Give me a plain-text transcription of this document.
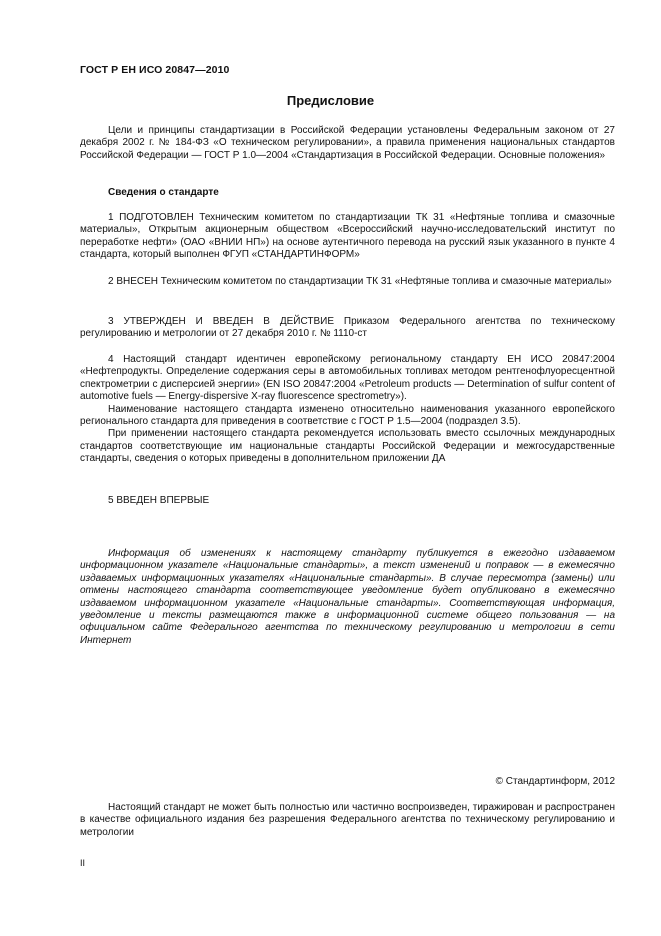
ГОСТ Р ЕН ИСО 20847—2010
Предисловие

Цели и принципы стандартизации в Российской Федерации установлены Федеральным законом от 27 декабря 2002 г. № 184-ФЗ «О техническом регулировании», а правила применения национальных стандартов Российской Федерации — ГОСТ Р 1.0—2004 «Стандартизация в Российской Федерации. Основные положения»

Сведения о стандарте

1 ПОДГОТОВЛЕН Техническим комитетом по стандартизации ТК 31 «Нефтяные топлива и смазочные материалы», Открытым акционерным обществом «Всероссийский научно-исследовательский институт по переработке нефти» (ОАО «ВНИИ НП») на основе аутентичного перевода на русский язык указанного в пункте 4 стандарта, который выполнен ФГУП «СТАНДАРТИНФОРМ»

2 ВНЕСЕН Техническим комитетом по стандартизации ТК 31 «Нефтяные топлива и смазочные материалы»

3 УТВЕРЖДЕН И ВВЕДЕН В ДЕЙСТВИЕ Приказом Федерального агентства по техническому регулированию и метрологии от 27 декабря 2010 г. № 1110-ст

4 Настоящий стандарт идентичен европейскому региональному стандарту ЕН ИСО 20847:2004 «Нефтепродукты. Определение содержания серы в автомобильных топливах методом рентгенофлуоресцентной спектрометрии с дисперсией энергии» (EN ISO 20847:2004 «Petroleum products — Determination of sulfur content of automotive fuels — Energy-dispersive X-ray fluorescence spectrometry»).

Наименование настоящего стандарта изменено относительно наименования указанного европейского регионального стандарта для приведения в соответствие с ГОСТ Р 1.5—2004 (подраздел 3.5).

При применении настоящего стандарта рекомендуется использовать вместо ссылочных международных стандартов соответствующие им национальные стандарты Российской Федерации и межгосударственные стандарты, сведения о которых приведены в дополнительном приложении ДА

5 ВВЕДЕН ВПЕРВЫЕ

Информация об изменениях к настоящему стандарту публикуется в ежегодно издаваемом информационном указателе «Национальные стандарты», а текст изменений и поправок — в ежемесячно издаваемых информационных указателях «Национальные стандарты». В случае пересмотра (замены) или отмены настоящего стандарта соответствующее уведомление будет опубликовано в ежемесячно издаваемом информационном указателе «Национальные стандарты». Соответствующая информация, уведомление и тексты размещаются также в информационной системе общего пользования — на официальном сайте Федерального агентства по техническому регулированию и метрологии в сети Интернет

© Стандартинформ, 2012

Настоящий стандарт не может быть полностью или частично воспроизведен, тиражирован и распространен в качестве официального издания без разрешения Федерального агентства по техническому регулированию и метрологии

II
